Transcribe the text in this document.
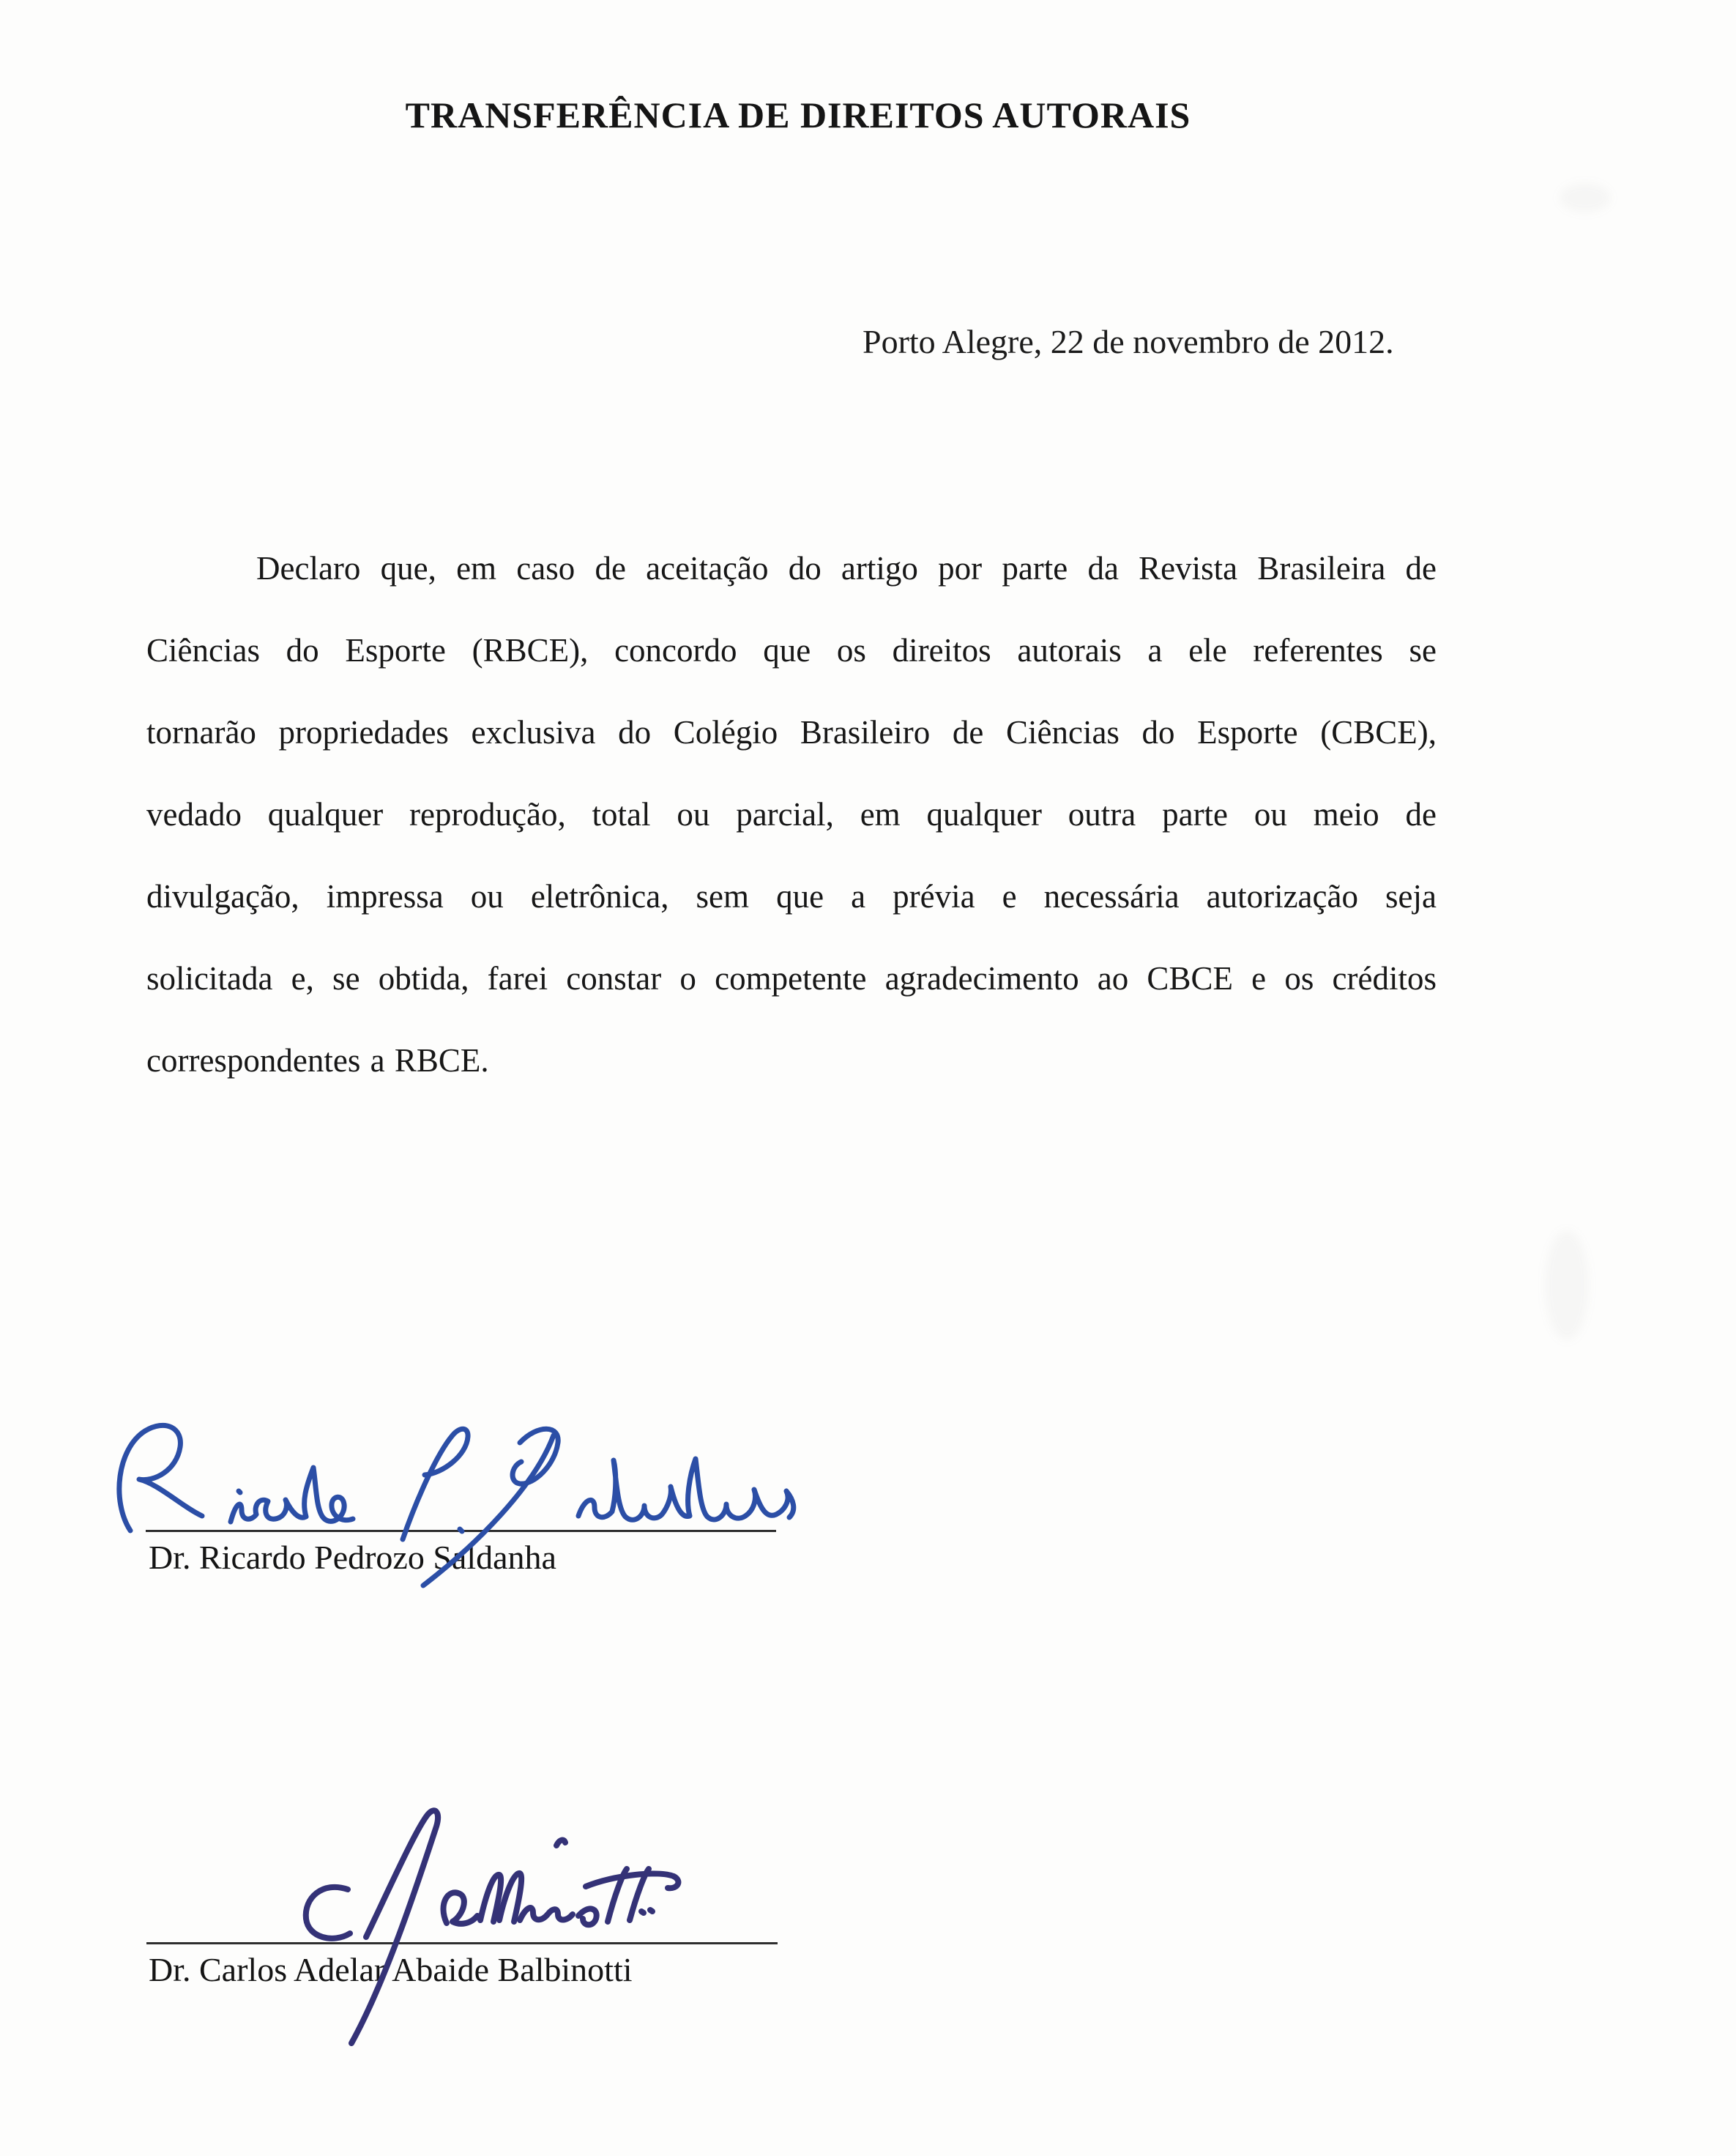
TRANSFERÊNCIA DE DIREITOS AUTORAIS
Porto Alegre, 22 de novembro de 2012.
Declaro que, em caso de aceitação do artigo por parte da Revista Brasileira de
Ciências do Esporte (RBCE), concordo que os direitos autorais a ele referentes se
tornarão propriedades exclusiva do Colégio Brasileiro de Ciências do Esporte (CBCE),
vedado qualquer reprodução, total ou parcial, em qualquer outra parte ou meio de
divulgação, impressa ou eletrônica, sem que a prévia e necessária autorização seja
solicitada e, se obtida, farei constar o competente agradecimento ao CBCE e os créditos
correspondentes a RBCE.
Dr. Ricardo Pedrozo Saldanha
Dr. Carlos Adelar Abaide Balbinotti
